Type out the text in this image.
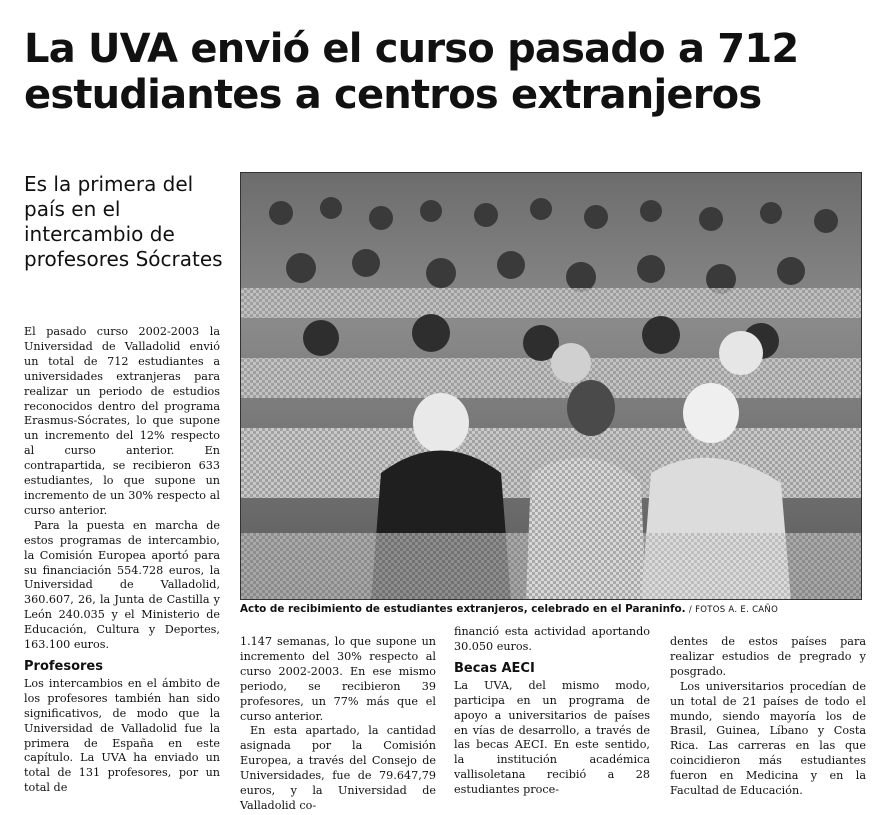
La UVA envió el curso pasado a 712 estudiantes a centros extranjeros
Es la primera del país en el intercambio de profesores Sócrates
Acto de recibimiento de estudiantes extranjeros, celebrado en el Paraninfo. / FOTOS A. E. CAÑO

El pasado curso 2002-2003 la Universidad de Valladolid envió un total de 712 estudiantes a universidades extranjeras para realizar un periodo de estudios reconocidos dentro del programa Erasmus-Sócrates, lo que supone un incremento del 12% respecto al curso anterior. En contrapartida, se recibieron 633 estudiantes, lo que supone un incremento de un 30% respecto al curso anterior.

Para la puesta en marcha de estos programas de intercambio, la Comisión Europea aportó para su financiación 554.728 euros, la Universidad de Valladolid, 360.607, 26, la Junta de Castilla y León 240.035 y el Ministerio de Educación, Cultura y Deportes, 163.100 euros.

Profesores

Los intercambios en el ámbito de los profesores también han sido significativos, de modo que la Universidad de Valladolid fue la primera de España en este capítulo. La UVA ha enviado un total de 131 profesores, por un total de

1.147 semanas, lo que supone un incremento del 30% respecto al curso 2002-2003. En ese mismo periodo, se recibieron 39 profesores, un 77% más que el curso anterior.

En esta apartado, la cantidad asignada por la Comisión Europea, a través del Consejo de Universidades, fue de 79.647,79 euros, y la Universidad de Valladolid co-

financió esta actividad aportando 30.050 euros.

Becas AECI

La UVA, del mismo modo, participa en un programa de apoyo a universitarios de países en vías de desarrollo, a través de las becas AECI. En este sentido, la institución académica vallisoletana recibió a 28 estudiantes proce-

dentes de estos países para realizar estudios de pregrado y posgrado.

Los universitarios procedían de un total de 21 países de todo el mundo, siendo mayoría los de Brasil, Guinea, Líbano y Costa Rica. Las carreras en las que coincidieron más estudiantes fueron en Medicina y en la Facultad de Educación.
